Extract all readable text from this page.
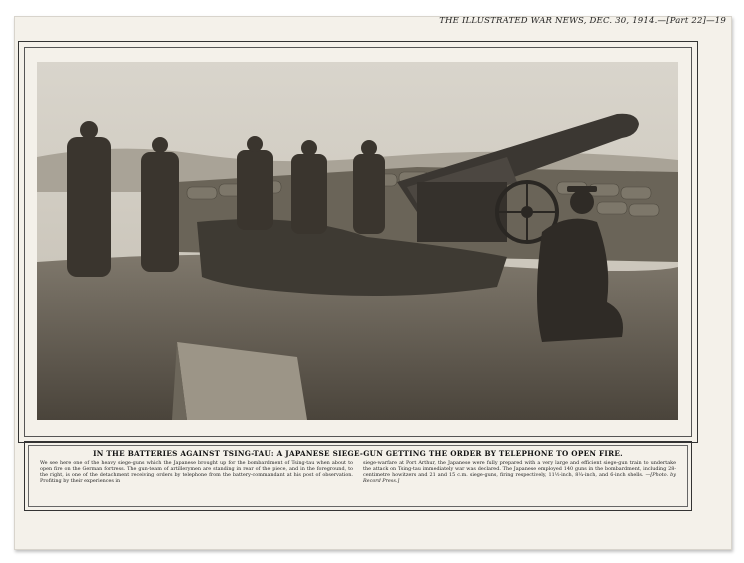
THE ILLUSTRATED WAR NEWS, DEC. 30, 1914.—[Part 22]—19
IN THE BATTERIES AGAINST TSING-TAU: A JAPANESE SIEGE-GUN GETTING THE ORDER BY TELEPHONE TO OPEN FIRE.
We see here one of the heavy siege-guns which the Japanese brought up for the bombardment of Tsing-tau when about to open fire on the German fortress. The gun-team of artillerymen are standing in rear of the piece, and in the foreground, to the right, is one of the detachment receiving orders by telephone from the battery-commandant at his post of observation. Profiting by their experiences in
siege-warfare at Port Arthur, the Japanese were fully prepared with a very large and efficient siege-gun train to undertake the attack on Tsing-tau immediately war was declared. The Japanese employed 140 guns in the bombardment, including 28-centimetre howitzers and 21 and 15 c.m. siege-guns, firing respectively, 11½-inch, 8¼-inch, and 6-inch shells. —[Photo. by Record Press.]
